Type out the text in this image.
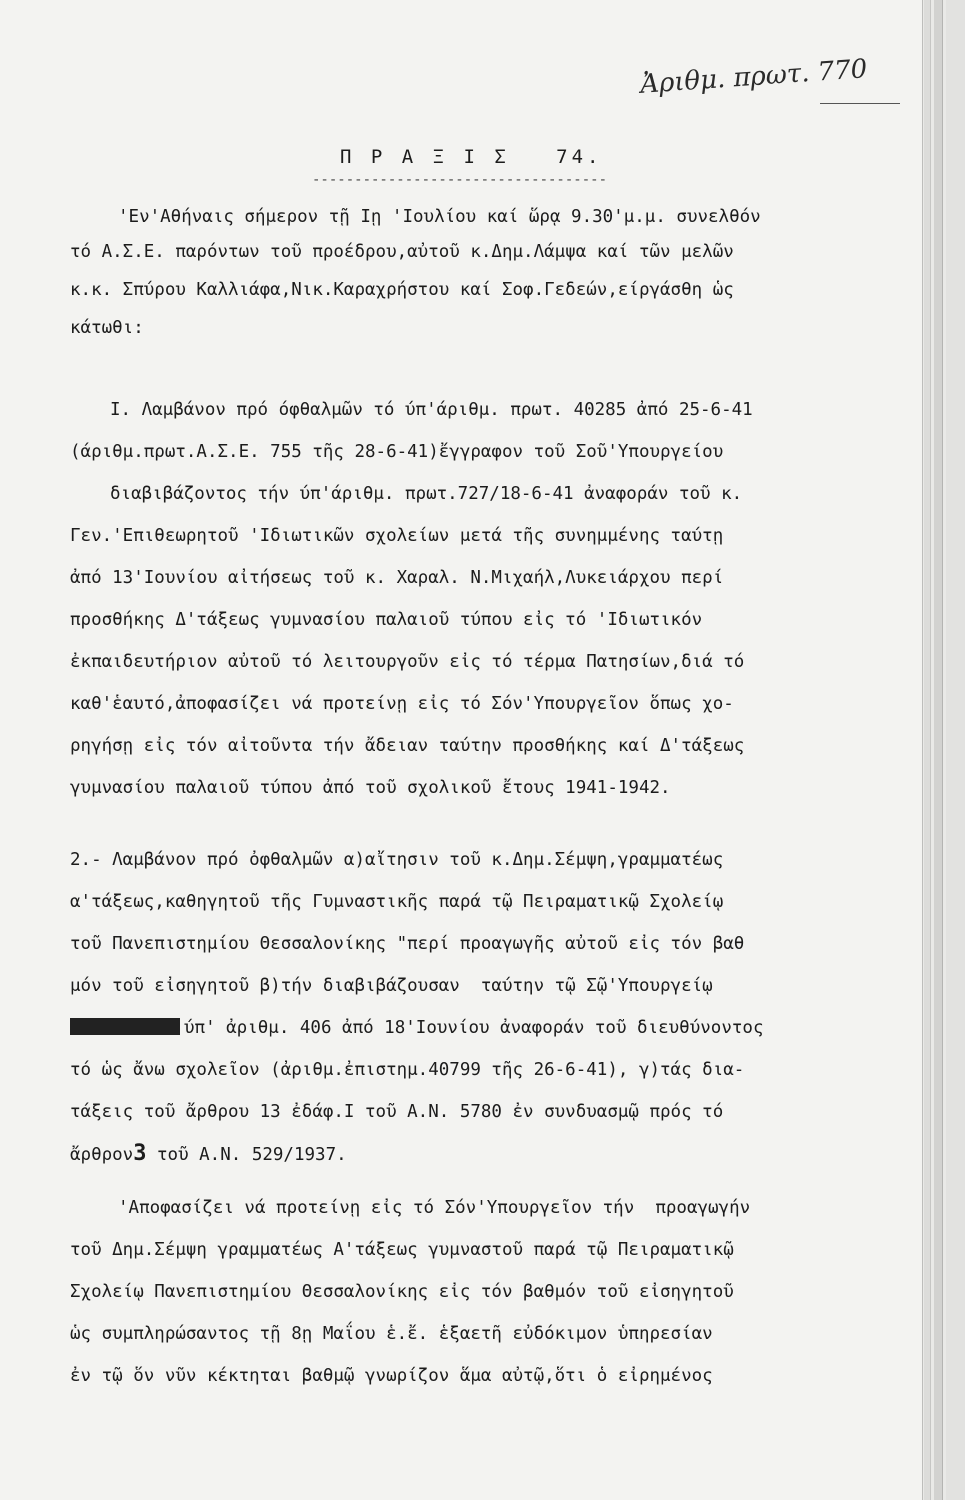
Ἀριθμ. πρωτ. 770
Π Ρ Α Ξ Ι Σ   74.
-----------------------------------
'Εν'Αθήναις σήμερον τῇ Ιῃ 'Ιουλίου καί ὥρᾳ 9.30'μ.μ. συνελθόν
τό Α.Σ.Ε. παρόντων τοῦ προέδρου,αὐτοῦ κ.Δημ.Λάμψα καί τῶν μελῶν
κ.κ. Σπύρου Καλλιάφα,Νικ.Καραχρήστου καί Σοφ.Γεδεών,είργάσθη ὡς
κάτωθι:
Ι. Λαμβάνον πρό όφθαλμῶν τό ύπ'άριθμ. πρωτ. 40285 ἀπό 25-6-41
(άριθμ.πρωτ.Α.Σ.Ε. 755 τῆς 28-6-41)ἔγγραφον τοῦ Σοῦ'Υπουργείου
διαβιβάζοντος τήν ύπ'άριθμ. πρωτ.727/18-6-41 ἀναφοράν τοῦ κ.
Γεν.'Επιθεωρητοῦ 'Ιδιωτικῶν σχολείων μετά τῆς συνημμένης ταύτῃ
ἀπό 13'Ιουνίου αἰτήσεως τοῦ κ. Χαραλ. Ν.Μιχαήλ,Λυκειάρχου περί
προσθήκης Δ'τάξεως γυμνασίου παλαιοῦ τύπου εἰς τό 'Ιδιωτικόν
ἐκπαιδευτήριον αὐτοῦ τό λειτουργοῦν εἰς τό τέρμα Πατησίων,διά τό
καθ'ἑαυτό,ἀποφασίζει νά προτείνῃ εἰς τό Σόν'Υπουργεῖον ὅπως χο-
ρηγήσῃ εἰς τόν αἰτοῦντα τήν ἄδειαν ταύτην προσθήκης καί Δ'τάξεως
γυμνασίου παλαιοῦ τύπου ἀπό τοῦ σχολικοῦ ἔτους 1941-1942.
2.- Λαμβάνον πρό ὀφθαλμῶν α)αἴτησιν τοῦ κ.Δημ.Σέμψη,γραμματέως
α'τάξεως,καθηγητοῦ τῆς Γυμναστικῆς παρά τῷ Πειραματικῷ Σχολείῳ
τοῦ Πανεπιστημίου Θεσσαλονίκης "περί προαγωγῆς αὐτοῦ εἰς τόν βαθ
μόν τοῦ εἰσηγητοῦ β)τήν διαβιβάζουσαν  ταύτην τῷ Σῷ'Υπουργείῳ
ύπ' ἀριθμ. 406 ἀπό 18'Ιουνίου ἀναφοράν τοῦ διευθύνοντος
τό ὡς ἄνω σχολεῖον (ἀριθμ.ἐπιστημ.40799 τῆς 26-6-41), γ)τάς δια-
τάξεις τοῦ ἄρθρου 13 ἐδάφ.Ι τοῦ Α.Ν. 5780 ἐν συνδυασμῷ πρός τό
ἄρθρον3 τοῦ Α.Ν. 529/1937.
'Αποφασίζει νά προτείνῃ εἰς τό Σόν'Υπουργεῖον τήν  προαγωγήν
τοῦ Δημ.Σέμψη γραμματέως Α'τάξεως γυμναστοῦ παρά τῷ Πειραματικῷ
Σχολείῳ Πανεπιστημίου Θεσσαλονίκης εἰς τόν βαθμόν τοῦ εἰσηγητοῦ
ὡς συμπληρώσαντος τῇ 8ῃ Μαΐου ἑ.ἔ. ἑξαετῆ εὐδόκιμον ὑπηρεσίαν
ἐν τῷ ὅν νῦν κέκτηται βαθμῷ γνωρίζον ἅμα αὐτῷ,ὅτι ὁ εἰρημένος
